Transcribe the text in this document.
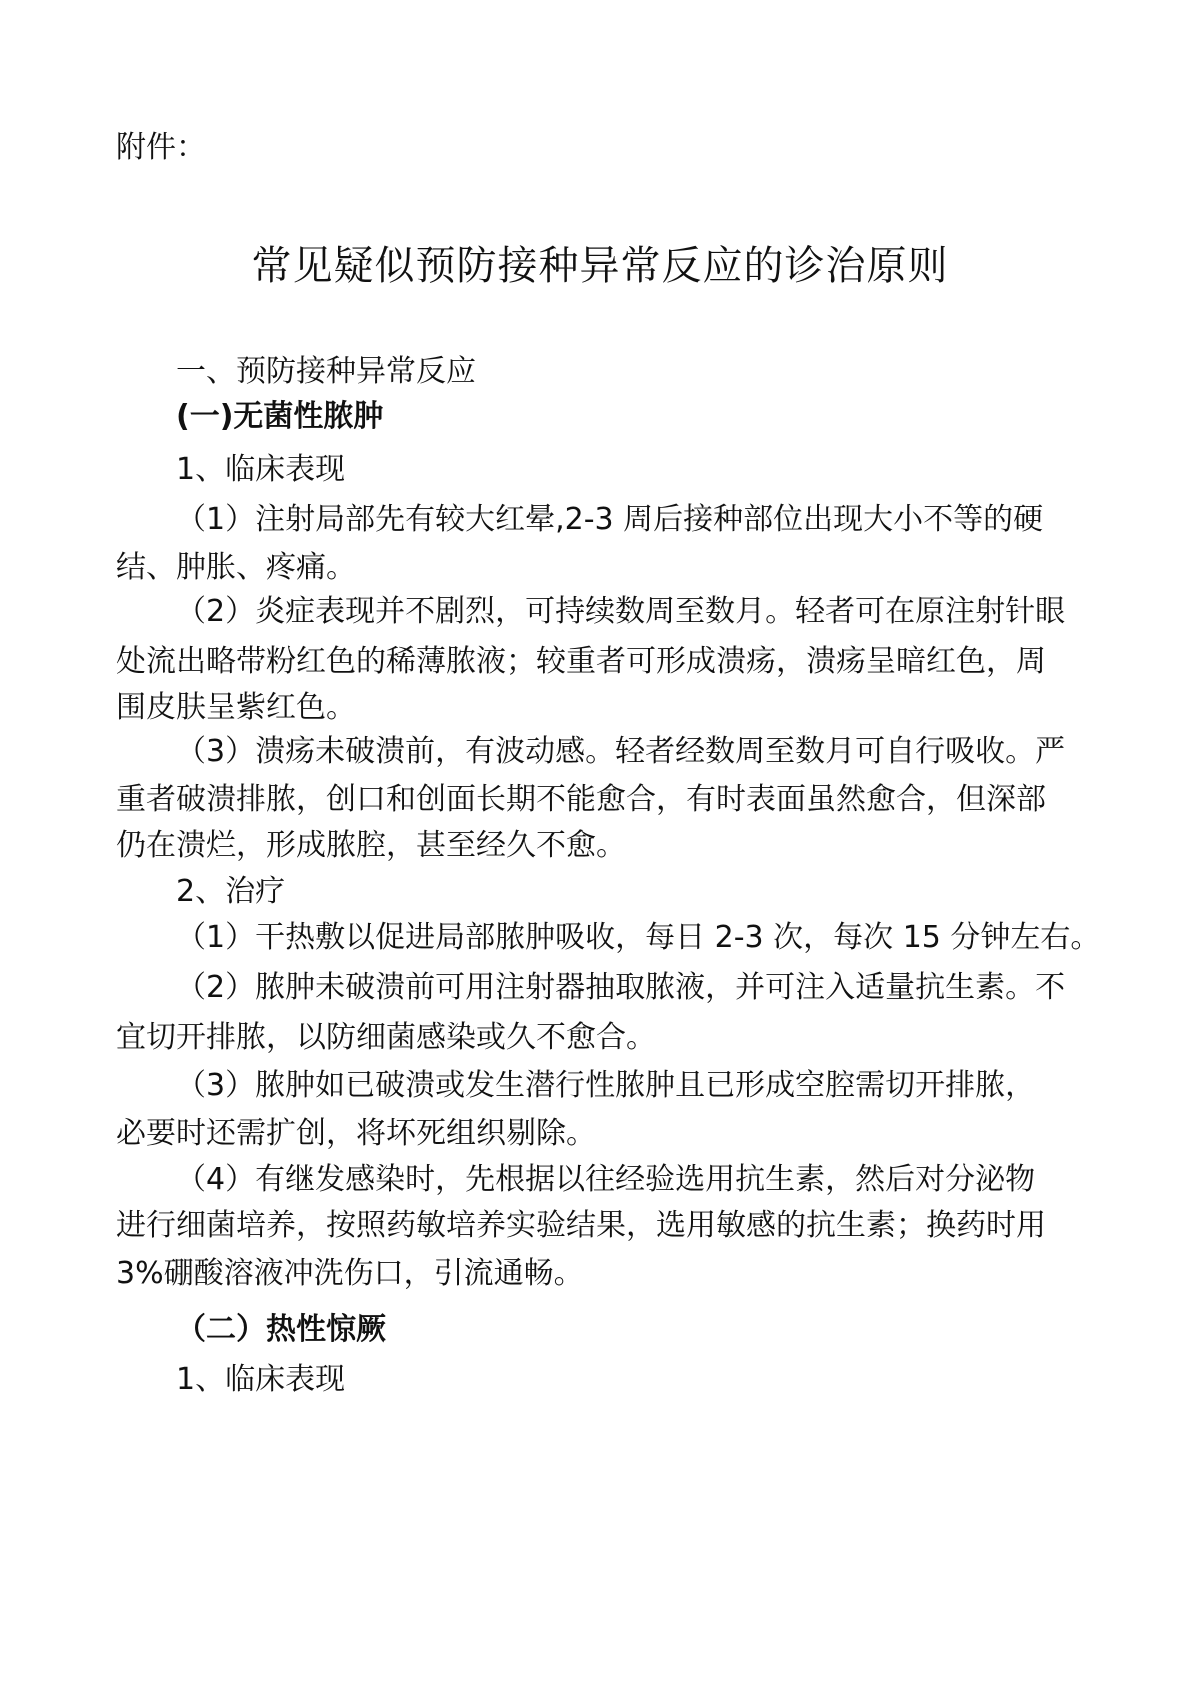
附件：
常见疑似预防接种异常反应的诊治原则
一、预防接种异常反应
(一)无菌性脓肿
1、临床表现
（1）注射局部先有较大红晕,2-3 周后接种部位出现大小不等的硬
结、肿胀、疼痛。
（2）炎症表现并不剧烈，可持续数周至数月。轻者可在原注射针眼
处流出略带粉红色的稀薄脓液；较重者可形成溃疡，溃疡呈暗红色，周
围皮肤呈紫红色。
（3）溃疡未破溃前，有波动感。轻者经数周至数月可自行吸收。严
重者破溃排脓，创口和创面长期不能愈合，有时表面虽然愈合，但深部
仍在溃烂，形成脓腔，甚至经久不愈。
2、治疗
（1）干热敷以促进局部脓肿吸收，每日 2-3 次，每次 15 分钟左右。
（2）脓肿未破溃前可用注射器抽取脓液，并可注入适量抗生素。不
宜切开排脓，以防细菌感染或久不愈合。
（3）脓肿如已破溃或发生潜行性脓肿且已形成空腔需切开排脓，
必要时还需扩创，将坏死组织剔除。
（4）有继发感染时，先根据以往经验选用抗生素，然后对分泌物
进行细菌培养，按照药敏培养实验结果，选用敏感的抗生素；换药时用
3%硼酸溶液冲洗伤口，引流通畅。
（二）热性惊厥
1、临床表现
